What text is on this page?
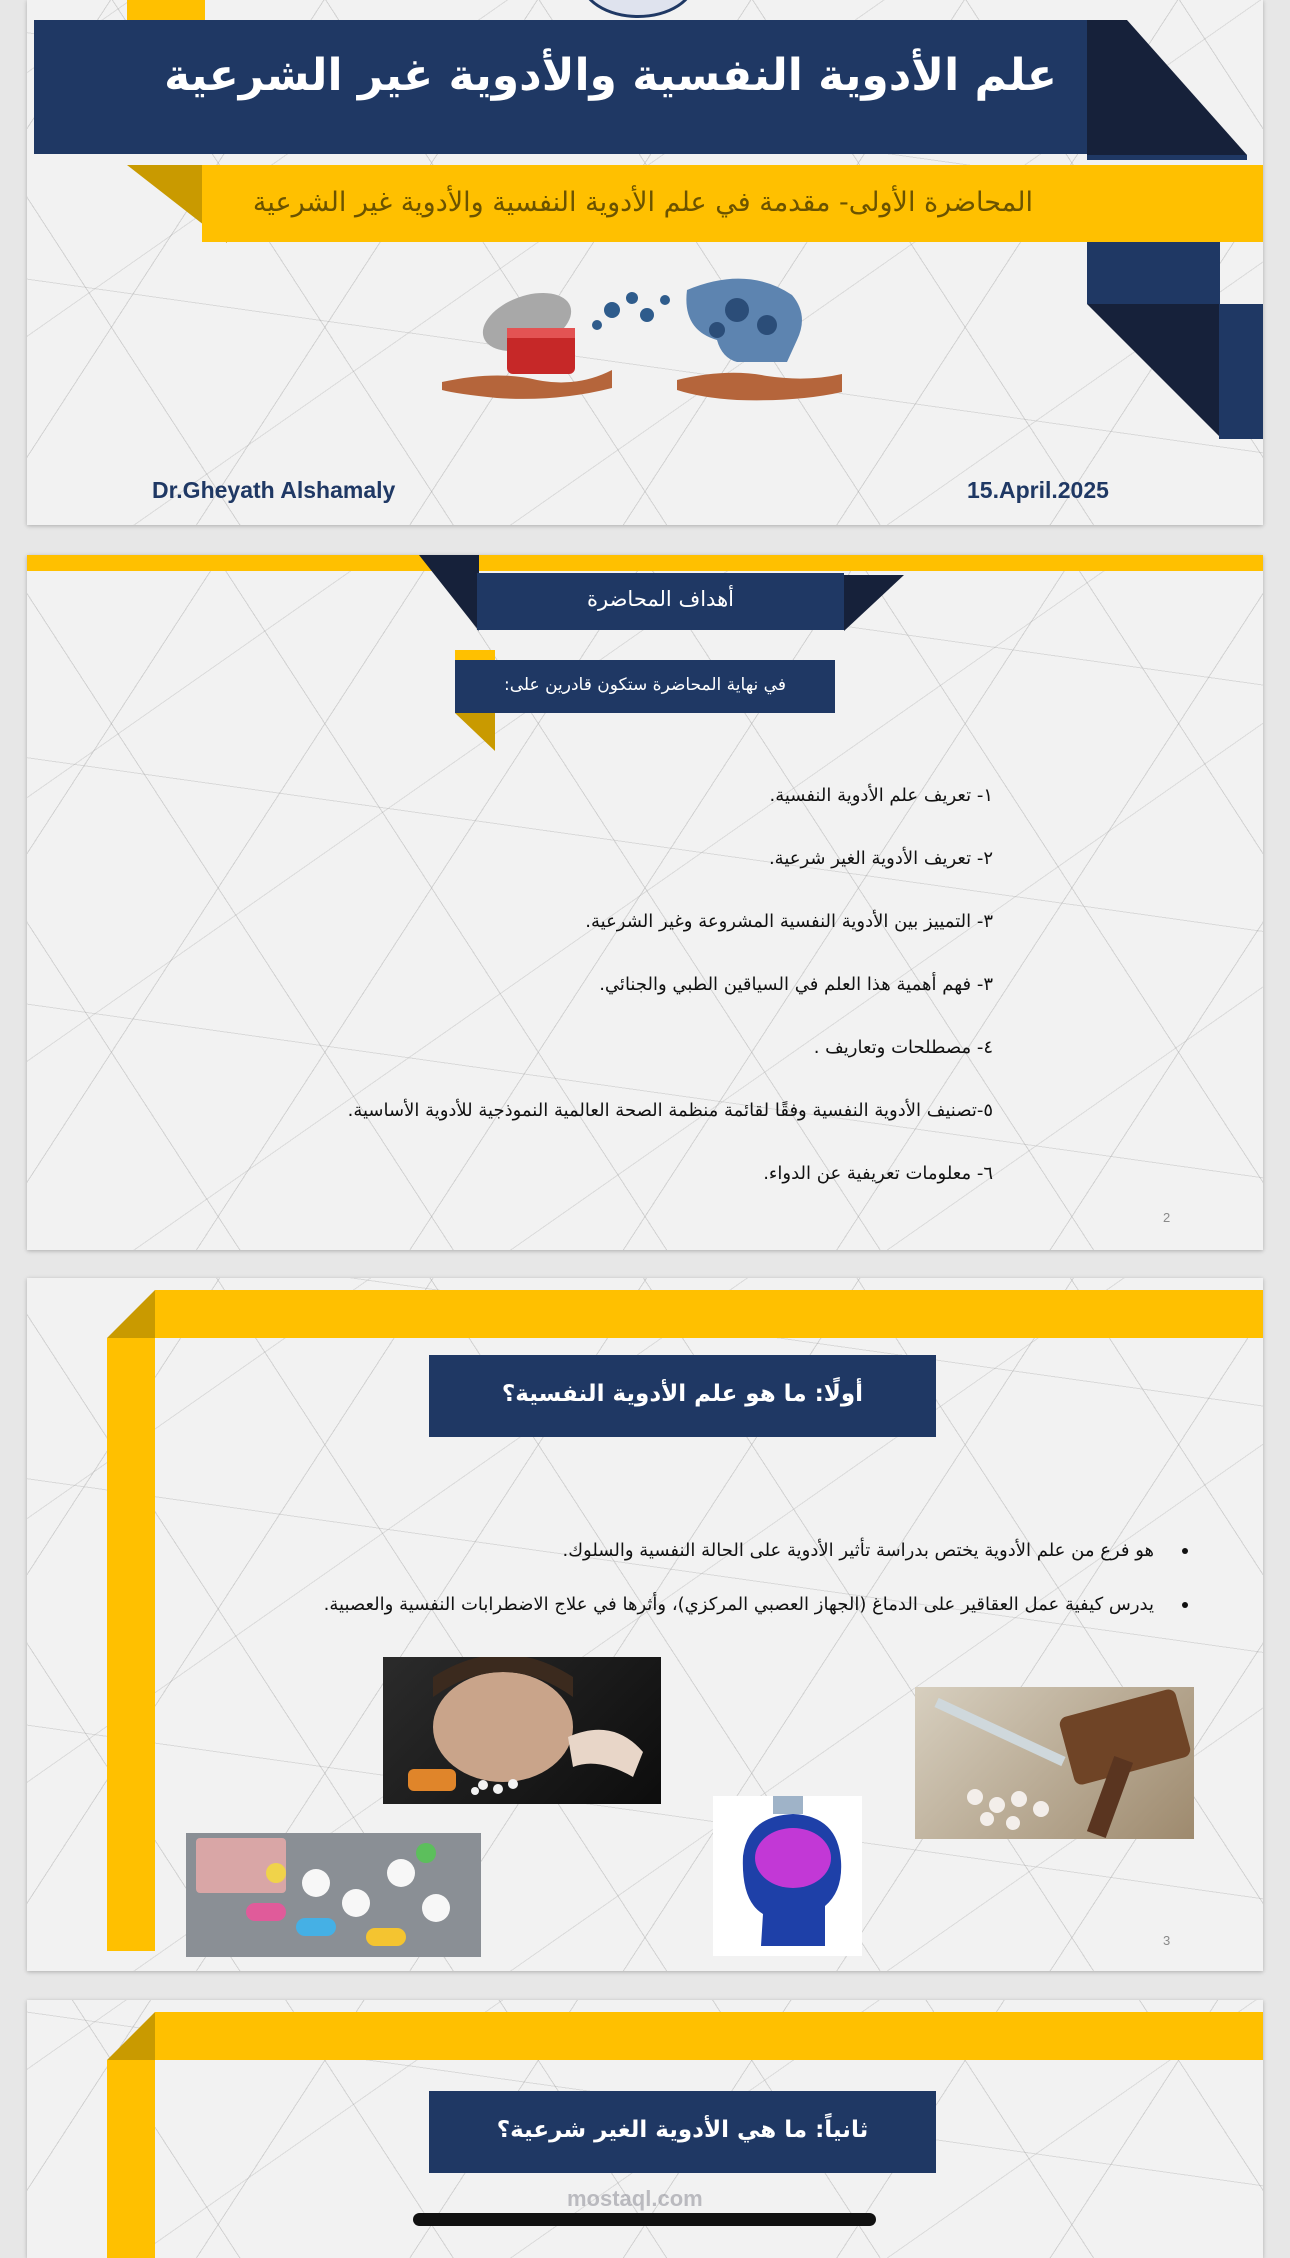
علم الأدوية النفسية والأدوية غير الشرعية
المحاضرة الأولى- مقدمة في علم الأدوية النفسية والأدوية غير الشرعية
Dr.Gheyath Alshamaly	15.April.2025
أهداف المحاضرة
في نهاية المحاضرة ستكون قادرين على:
١- تعريف علم الأدوية النفسية.
٢- تعريف الأدوية الغير شرعية.
٣- التمييز بين الأدوية النفسية المشروعة وغير الشرعية.
٣- فهم أهمية هذا العلم في السياقين الطبي والجنائي.
٤- مصطلحات وتعاريف .
٥-تصنيف الأدوية النفسية وفقًا لقائمة منظمة الصحة العالمية النموذجية للأدوية الأساسية.
٦- معلومات تعريفية عن الدواء.
2
أولًا: ما هو علم الأدوية النفسية؟
هو فرع من علم الأدوية يختص بدراسة تأثير الأدوية على الحالة النفسية والسلوك.
يدرس كيفية عمل العقاقير على الدماغ (الجهاز العصبي المركزي)، وأثرها في علاج الاضطرابات النفسية والعصبية.
3
ثانياً: ما هي الأدوية الغير شرعية؟
mostaql.com
